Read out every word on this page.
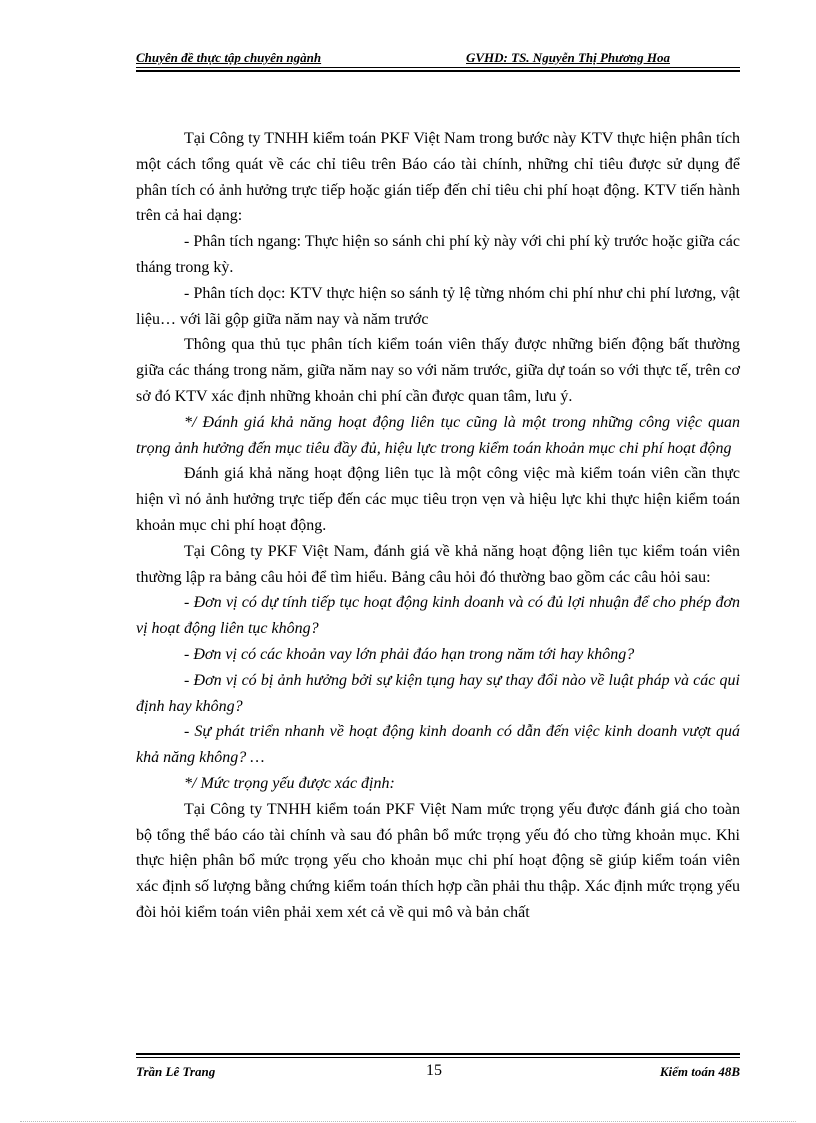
Chuyên đề thực tập chuyên ngành	GVHD: TS. Nguyễn Thị Phương Hoa

Tại Công ty TNHH kiểm toán PKF Việt Nam trong bước này KTV thực hiện phân tích một cách tổng quát về các chỉ tiêu trên Báo cáo tài chính, những chỉ tiêu được sử dụng để phân tích có ảnh hưởng trực tiếp hoặc gián tiếp đến chỉ tiêu chi phí hoạt động. KTV tiến hành trên cả hai dạng:

- Phân tích ngang: Thực hiện so sánh chi phí kỳ này với chi phí kỳ trước hoặc giữa các tháng trong kỳ.

- Phân tích dọc: KTV thực hiện so sánh tỷ lệ từng nhóm chi phí như chi phí lương, vật liệu… với lãi gộp giữa năm nay và năm trước

Thông qua thủ tục phân tích kiểm toán viên thấy được những biến động bất thường giữa các tháng trong năm, giữa năm nay so với năm trước, giữa dự toán so với thực tế, trên cơ sở đó KTV xác định những khoản chi phí cần được quan tâm, lưu ý.

*/ Đánh giá khả năng hoạt động liên tục cũng là một trong những công việc quan trọng ảnh hưởng đến mục tiêu đầy đủ, hiệu lực trong kiểm toán khoản mục chi phí hoạt động

Đánh giá khả năng hoạt động liên tục là một công việc mà kiểm toán viên cần thực hiện vì nó ảnh hưởng trực tiếp đến các mục tiêu trọn vẹn và hiệu lực khi thực hiện kiểm toán khoản mục chi phí hoạt động.

Tại Công ty PKF Việt Nam, đánh giá về khả năng hoạt động liên tục kiểm toán viên thường lập ra bảng câu hỏi để tìm hiểu. Bảng câu hỏi đó thường bao gồm các câu hỏi sau:

- Đơn vị có dự tính tiếp tục hoạt động kinh doanh và có đủ lợi nhuận để cho phép đơn vị hoạt động liên tục không?

- Đơn vị có các khoản vay lớn phải đáo hạn trong năm tới hay không?

- Đơn vị có bị ảnh hưởng bởi sự kiện tụng hay sự thay đổi nào về luật pháp và các qui định hay không?

- Sự phát triển nhanh về hoạt động kinh doanh có dẫn đến việc kinh doanh vượt quá khả năng không? …

*/ Mức trọng yếu được xác định:

Tại Công ty TNHH kiểm toán PKF Việt Nam mức trọng yếu được đánh giá cho toàn bộ tổng thể báo cáo tài chính và sau đó phân bổ mức trọng yếu đó cho từng khoản mục. Khi thực hiện phân bổ mức trọng yếu cho khoản mục chi phí hoạt động sẽ giúp kiểm toán viên xác định số lượng bằng chứng kiểm toán thích hợp cần phải thu thập. Xác định mức trọng yếu đòi hỏi kiểm toán viên phải xem xét cả về qui mô và bản chất

Trần Lê Trang	15	Kiểm toán 48B
